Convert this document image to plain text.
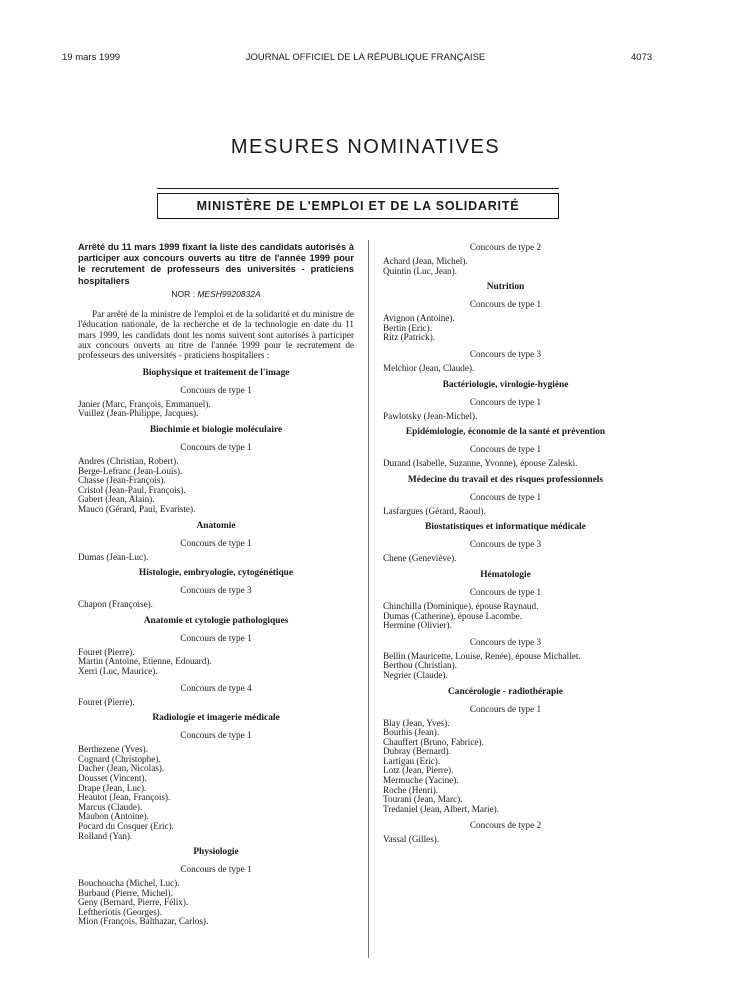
19 mars 1999	JOURNAL OFFICIEL DE LA RÉPUBLIQUE FRANÇAISE	4073
MESURES NOMINATIVES
MINISTÈRE DE L'EMPLOI ET DE LA SOLIDARITÉ

Arrêté du 11 mars 1999 fixant la liste des candidats autorisés à participer aux concours ouverts au titre de l'année 1999 pour le recrutement de professeurs des universités - praticiens hospitaliers

NOR : MESH9920832A

Par arrêté de la ministre de l'emploi et de la solidarité et du ministre de l'éducation nationale, de la recherche et de la technologie en date du 11 mars 1999, les candidats dont les noms suivent sont autorisés à participer aux concours ouverts au titre de l'année 1999 pour le recrutement de professeurs des universités - praticiens hospitaliers :

Biophysique et traitement de l'image
Concours de type 1
Janier (Marc, François, Emmanuel).
Vuillez (Jean-Philippe, Jacques).
Biochimie et biologie moléculaire
Concours de type 1
Andres (Christian, Robert).
Berge-Lefranc (Jean-Louis).
Chasse (Jean-François).
Cristol (Jean-Paul, François).
Gabert (Jean, Alain).
Mauco (Gérard, Paul, Evariste).
Anatomie
Concours de type 1
Dumas (Jean-Luc).
Histologie, embryologie, cytogénétique
Concours de type 3
Chapon (Françoise).
Anatomie et cytologie pathologiques
Concours de type 1
Fouret (Pierre).
Martin (Antoine, Etienne, Edouard).
Xerri (Luc, Maurice).
Concours de type 4
Fouret (Pierre).
Radiologie et imagerie médicale
Concours de type 1
Berthezene (Yves).
Cognard (Christophe).
Dacher (Jean, Nicolas).
Dousset (Vincent).
Drape (Jean, Luc).
Heautot (Jean, François).
Marcus (Claude).
Maubon (Antoine).
Pocard du Cosquer (Eric).
Rolland (Yan).
Physiologie
Concours de type 1
Bouchoucha (Michel, Luc).
Burbaud (Pierre, Michel).
Geny (Bernard, Pierre, Félix).
Leftheriotis (Georges).
Mion (François, Balthazar, Carlos).
Concours de type 2
Achard (Jean, Michel).
Quintin (Luc, Jean).
Nutrition
Concours de type 1
Avignon (Antoine).
Bertin (Eric).
Ritz (Patrick).
Concours de type 3
Melchior (Jean, Claude).
Bactériologie, virologie-hygiène
Concours de type 1
Pawlotsky (Jean-Michel).
Epidémiologie, économie de la santé et prévention
Concours de type 1
Durand (Isabelle, Suzanne, Yvonne), épouse Zaleski.
Médecine du travail et des risques professionnels
Concours de type 1
Lasfargues (Gérard, Raoul).
Biostatistiques et informatique médicale
Concours de type 3
Chene (Geneviève).
Hématologie
Concours de type 1
Chinchilla (Dominique), épouse Raynaud.
Dumas (Catherine), épouse Lacombe.
Hermine (Olivier).
Concours de type 3
Bellin (Mauricette, Louise, Renée), épouse Michallet.
Berthou (Christian).
Negrier (Claude).
Cancérologie - radiothérapie
Concours de type 1
Blay (Jean, Yves).
Bourhis (Jean).
Chauffert (Bruno, Fabrice).
Dubray (Bernard).
Lartigau (Eric).
Lotz (Jean, Pierre).
Mermuche (Yacine).
Roche (Henri).
Tourani (Jean, Marc).
Tredaniel (Jean, Albert, Marie).
Concours de type 2
Vassal (Gilles).
